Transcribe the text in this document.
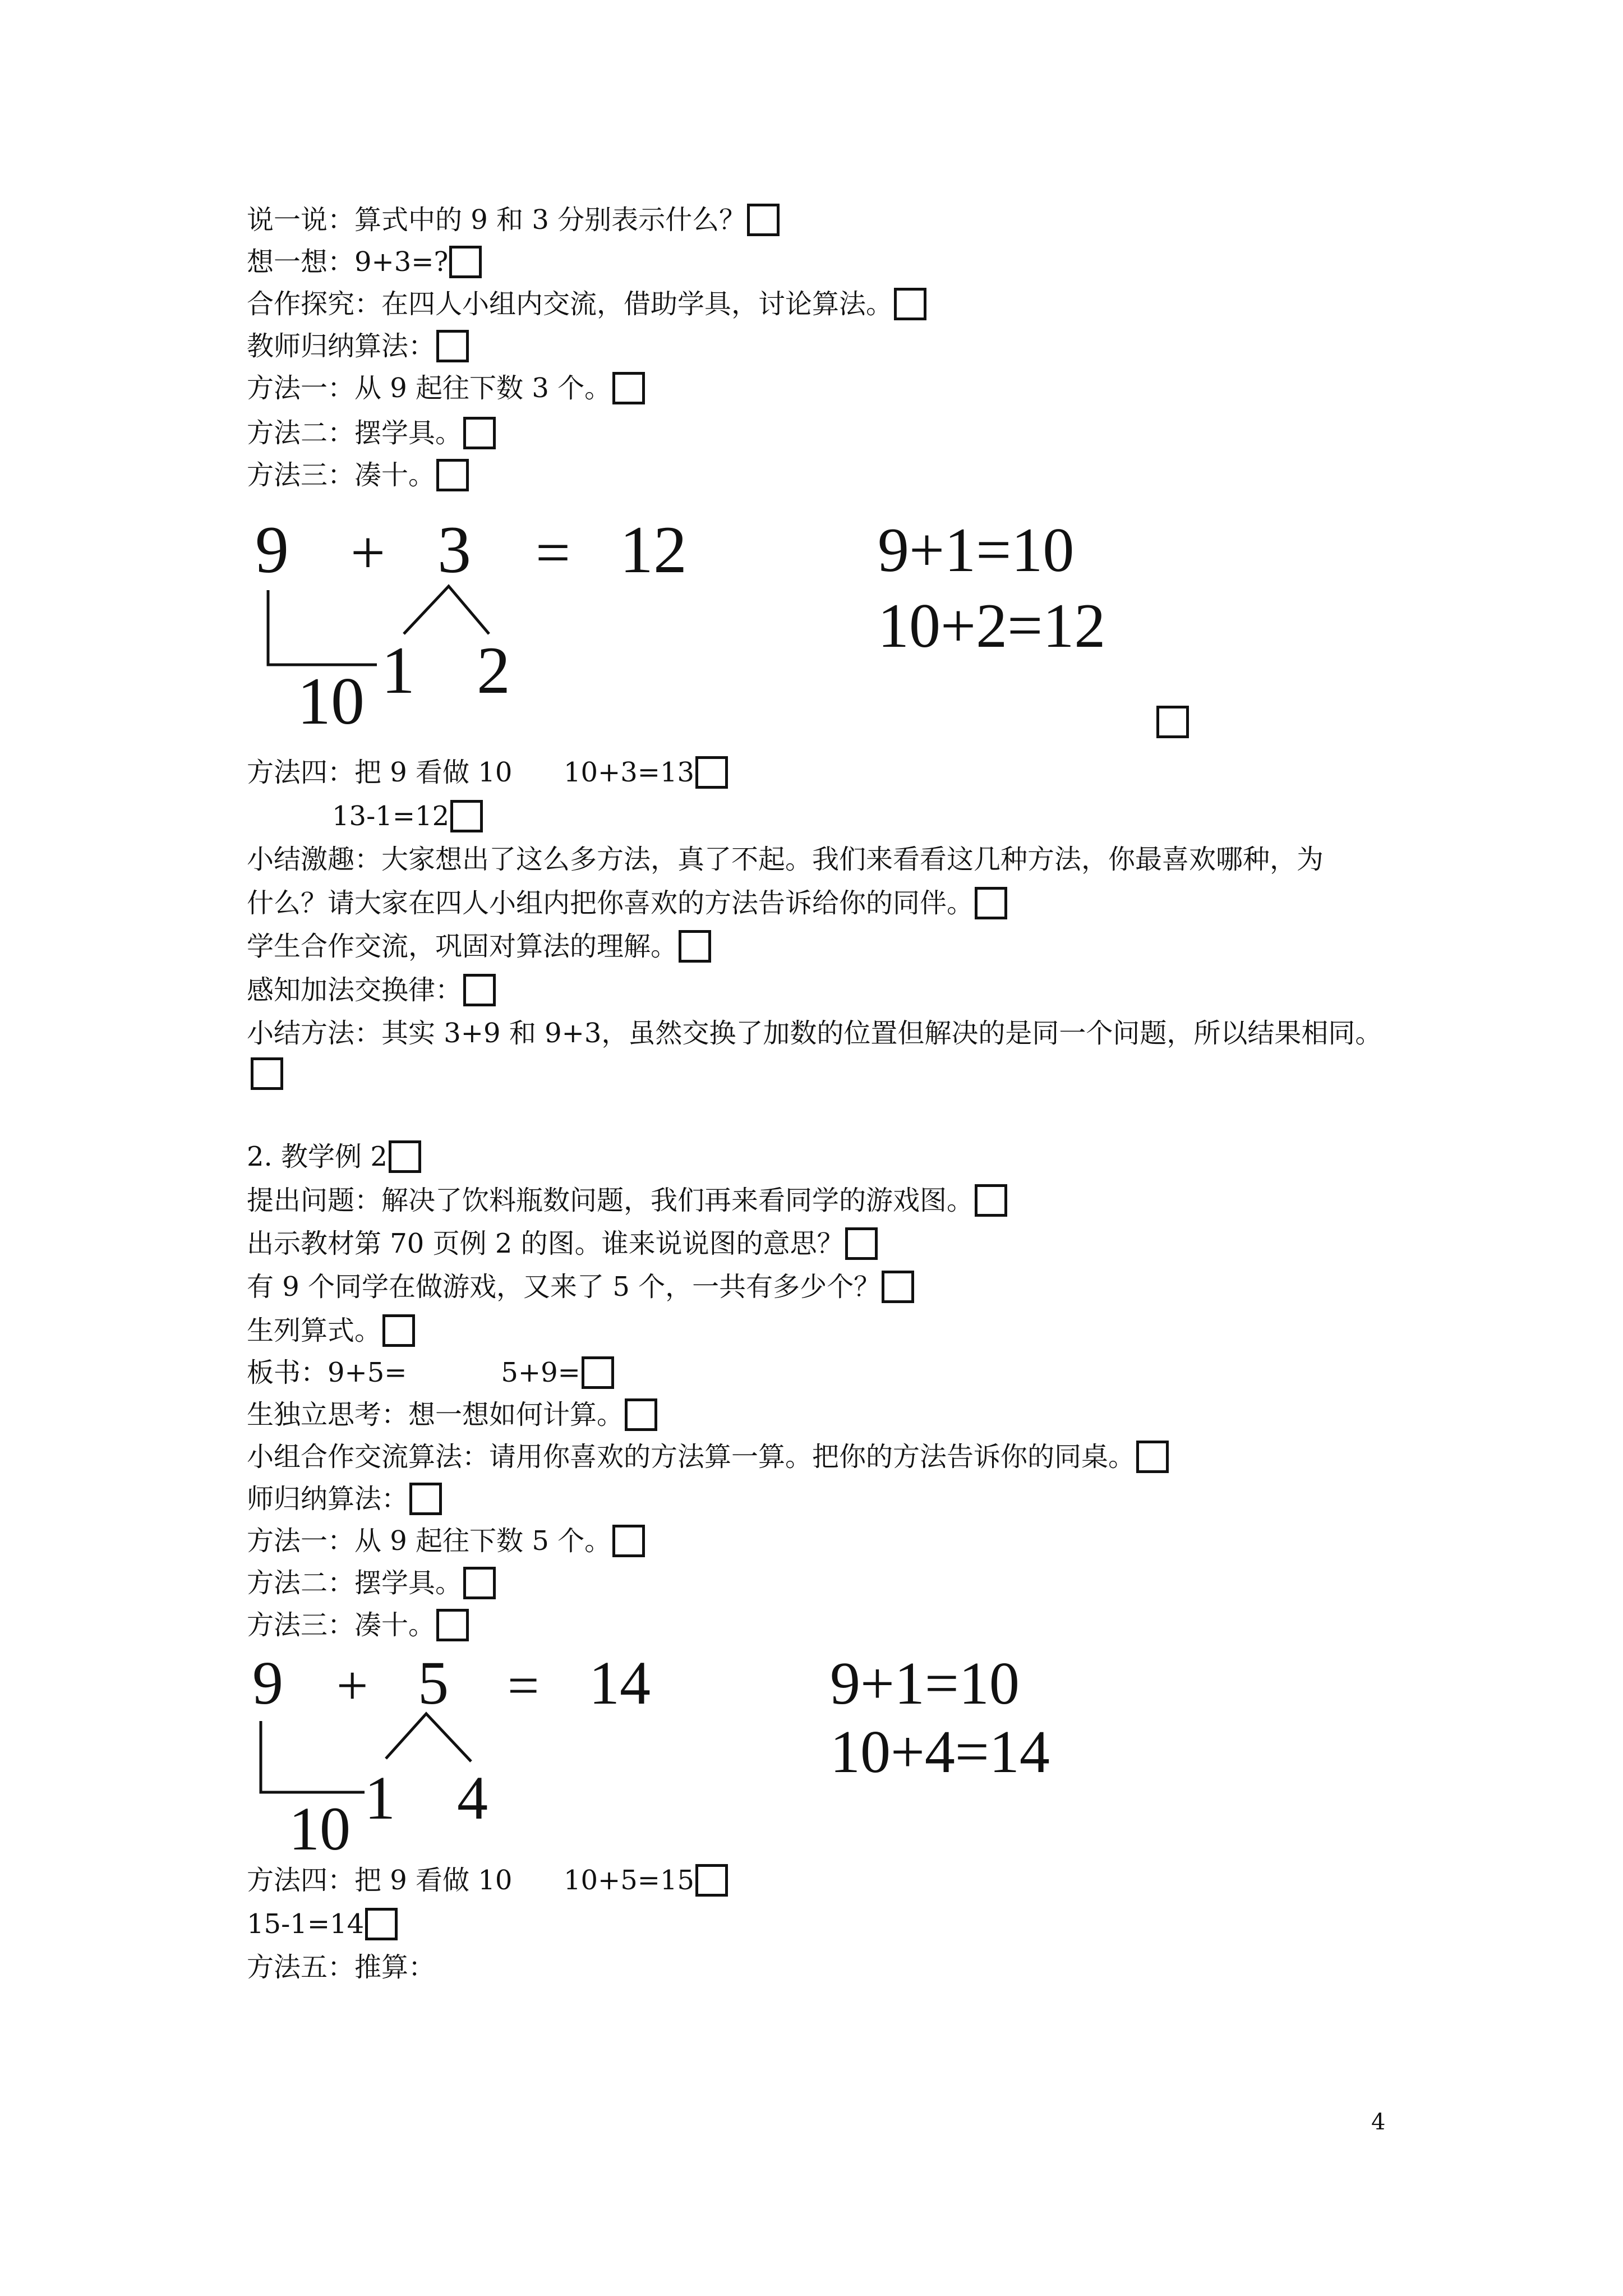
说一说：算式中的 9 和 3 分别表示什么？
想一想：9+3=?
合作探究：在四人小组内交流，借助学具，讨论算法。
教师归纳算法：
方法一：从 9 起往下数 3 个。
方法二：摆学具。
方法三：凑十。
9 + 3 = 12
1 2
10
9+1=10
10+2=12
方法四：把 9 看做 10      10+3=13
13-1=12
小结激趣：大家想出了这么多方法，真了不起。我们来看看这几种方法，你最喜欢哪种，为
什么？请大家在四人小组内把你喜欢的方法告诉给你的同伴。
学生合作交流，巩固对算法的理解。
感知加法交换律：
小结方法：其实 3+9 和 9+3，虽然交换了加数的位置但解决的是同一个问题，所以结果相同。
2. 教学例 2
提出问题：解决了饮料瓶数问题，我们再来看同学的游戏图。
出示教材第 70 页例 2 的图。谁来说说图的意思？
有 9 个同学在做游戏，又来了 5 个，一共有多少个？
生列算式。
板书：9+5=           5+9=
生独立思考：想一想如何计算。
小组合作交流算法：请用你喜欢的方法算一算。把你的方法告诉你的同桌。
师归纳算法：
方法一：从 9 起往下数 5 个。
方法二：摆学具。
方法三：凑十。
9 + 5 = 14
1 4
10
9+1=10
10+4=14
方法四：把 9 看做 10      10+5=15
15-1=14
方法五：推算：
4
